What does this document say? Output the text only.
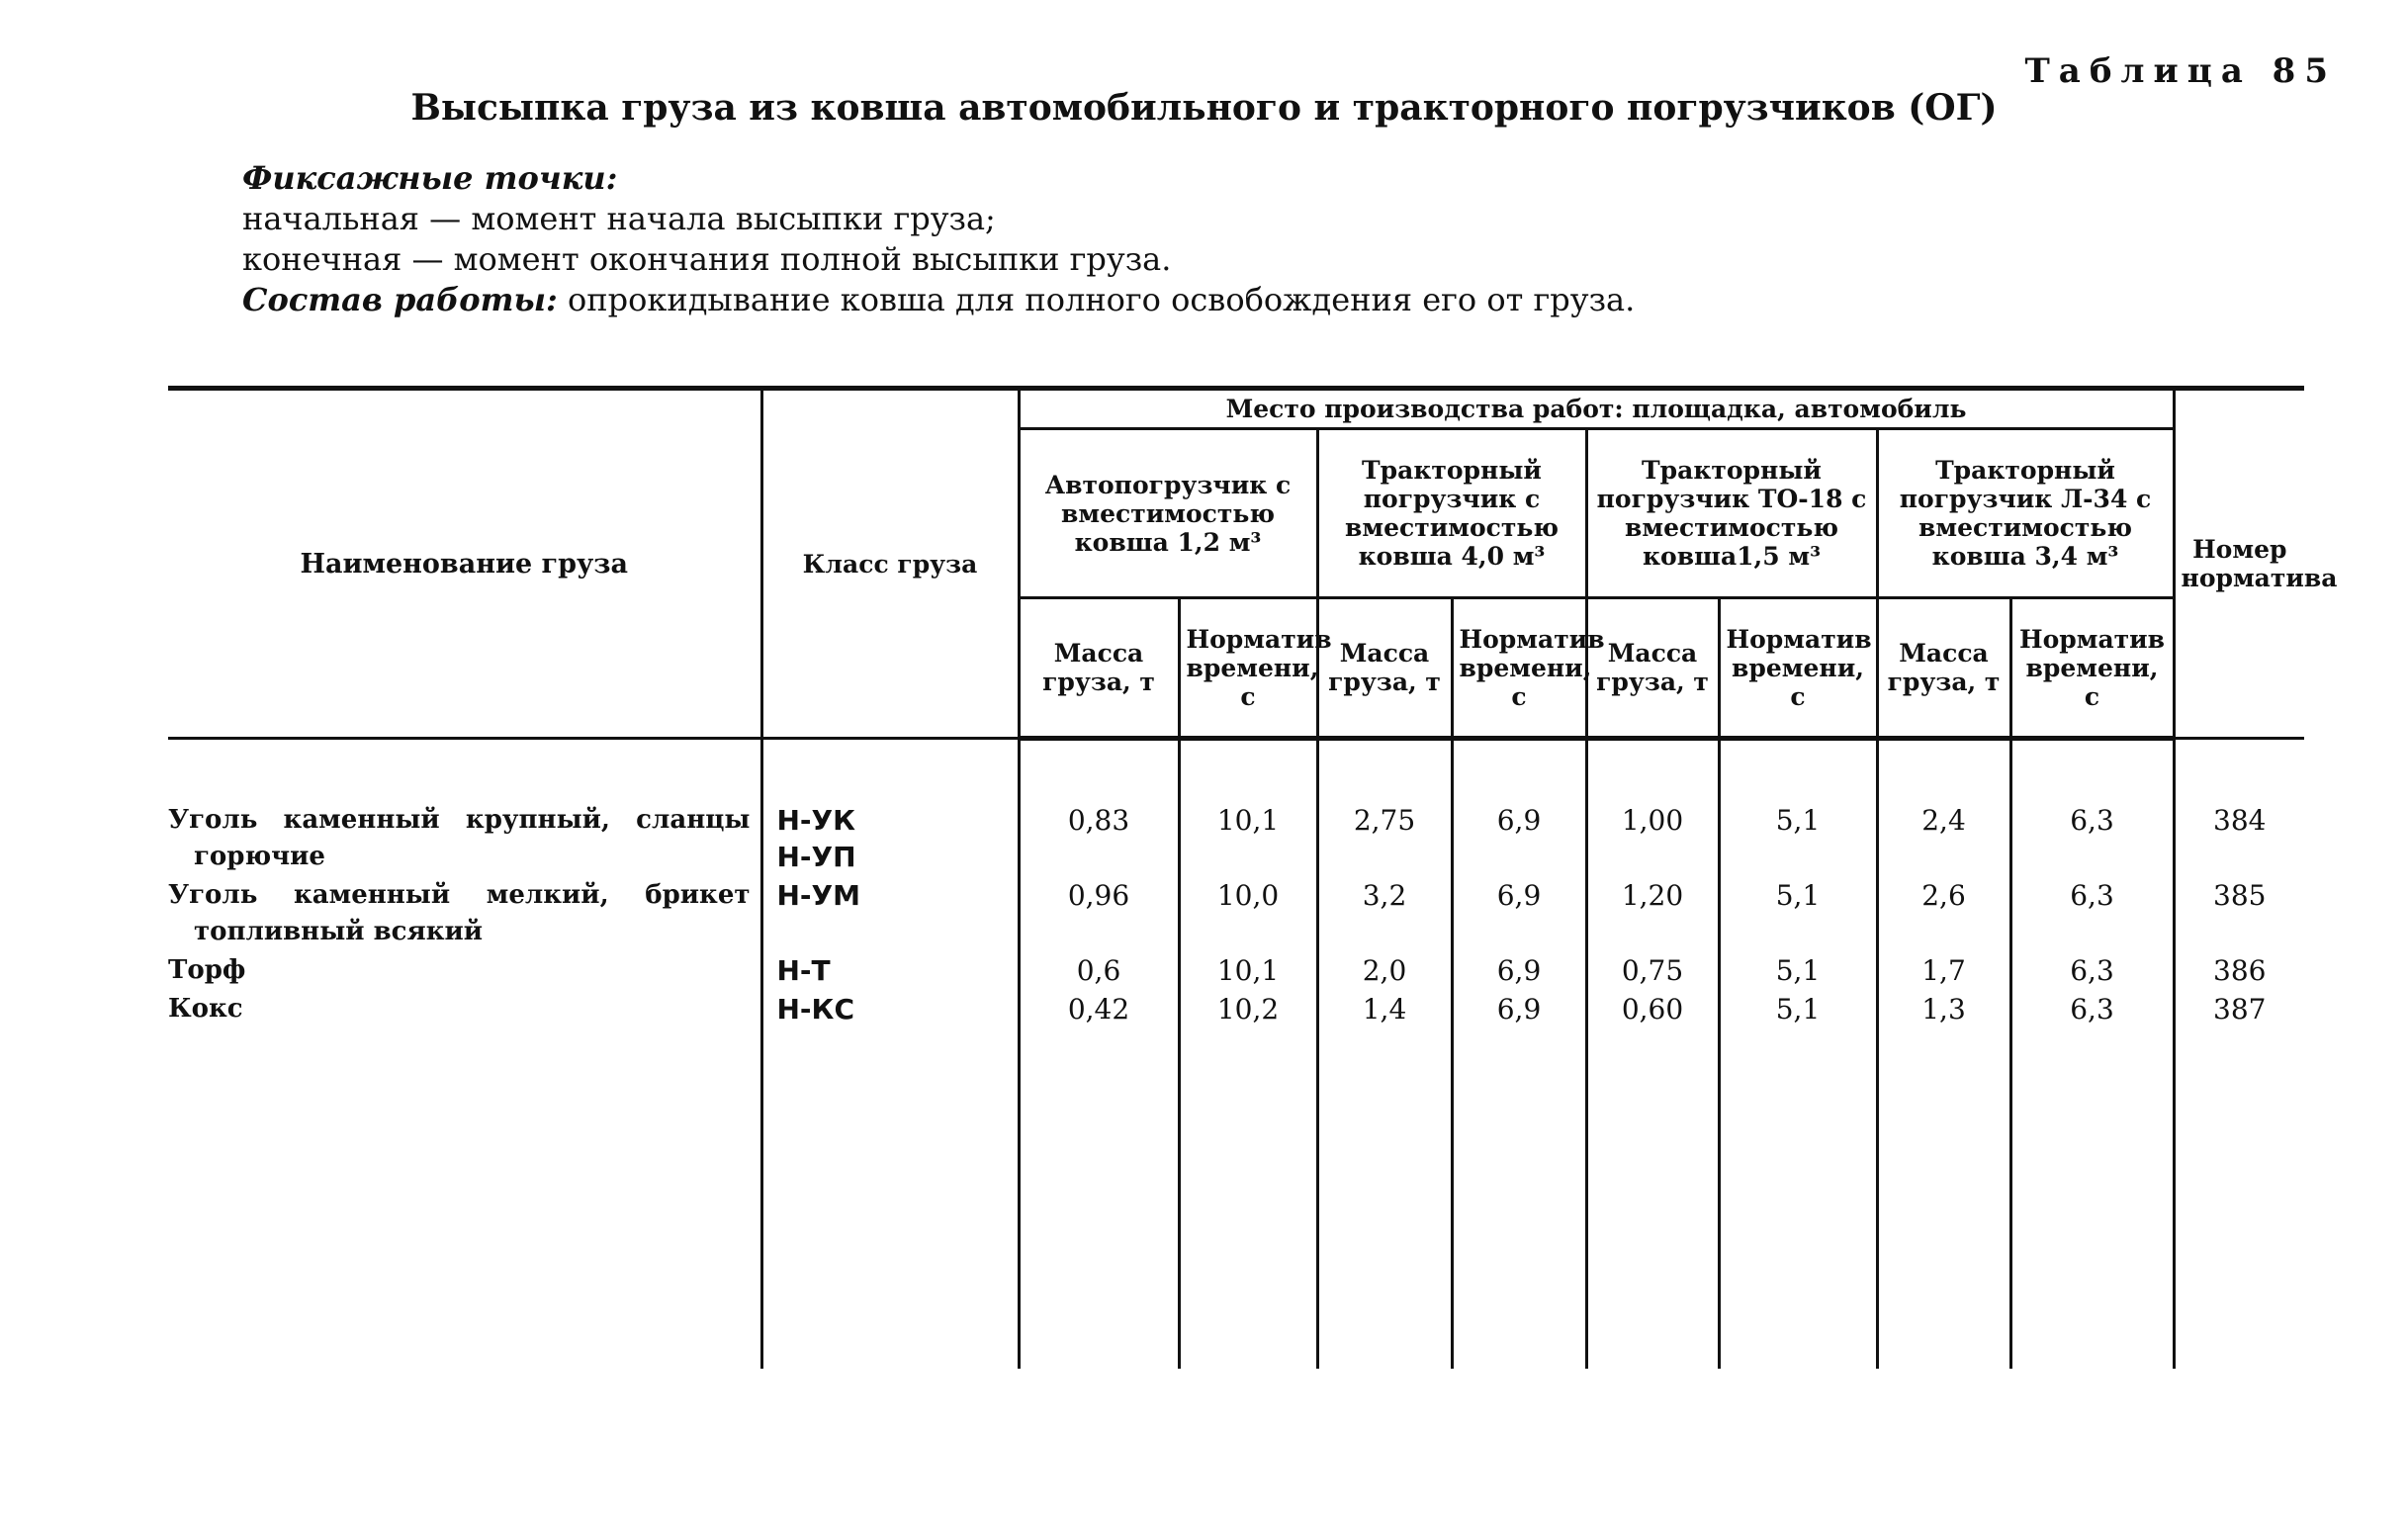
Таблица 85
Высыпка груза из ковша автомобильного и тракторного погрузчиков (ОГ)
Фиксажные точки:
начальная — момент начала высыпки груза;
конечная — момент окончания полной высыпки груза.
Состав работы: опрокидывание ковша для полного освобождения его от груза.
Наименование груза	Класс груза	Место производства работ: площадка, автомобиль								Номер норматива
		Автопогрузчик с вместимостью ковша 1,2 м³		Тракторный погрузчик с вместимостью ковша 4,0 м³		Тракторный погрузчик ТО-18 с вместимостью ковша1,5 м³		Тракторный погрузчик Л-34 с вместимостью ковша 3,4 м³		
		Масса груза, т	Норматив времени, с	Масса груза, т	Норматив времени, с	Масса груза, т	Норматив времени, с	Масса груза, т	Норматив времени, с	

Уголь каменный крупный, сланцы горючие	Н-УК Н-УП	0,83	10,1	2,75	6,9	1,00	5,1	2,4	6,3	384

Уголь каменный мелкий, брикет топливный всякий	Н-УМ	0,96	10,0	3,2	6,9	1,20	5,1	2,6	6,3	385

Торф	Н-Т	0,6	10,1	2,0	6,9	0,75	5,1	1,7	6,3	386

Кокс	Н-КС	0,42	10,2	1,4	6,9	0,60	5,1	1,3	6,3	387
